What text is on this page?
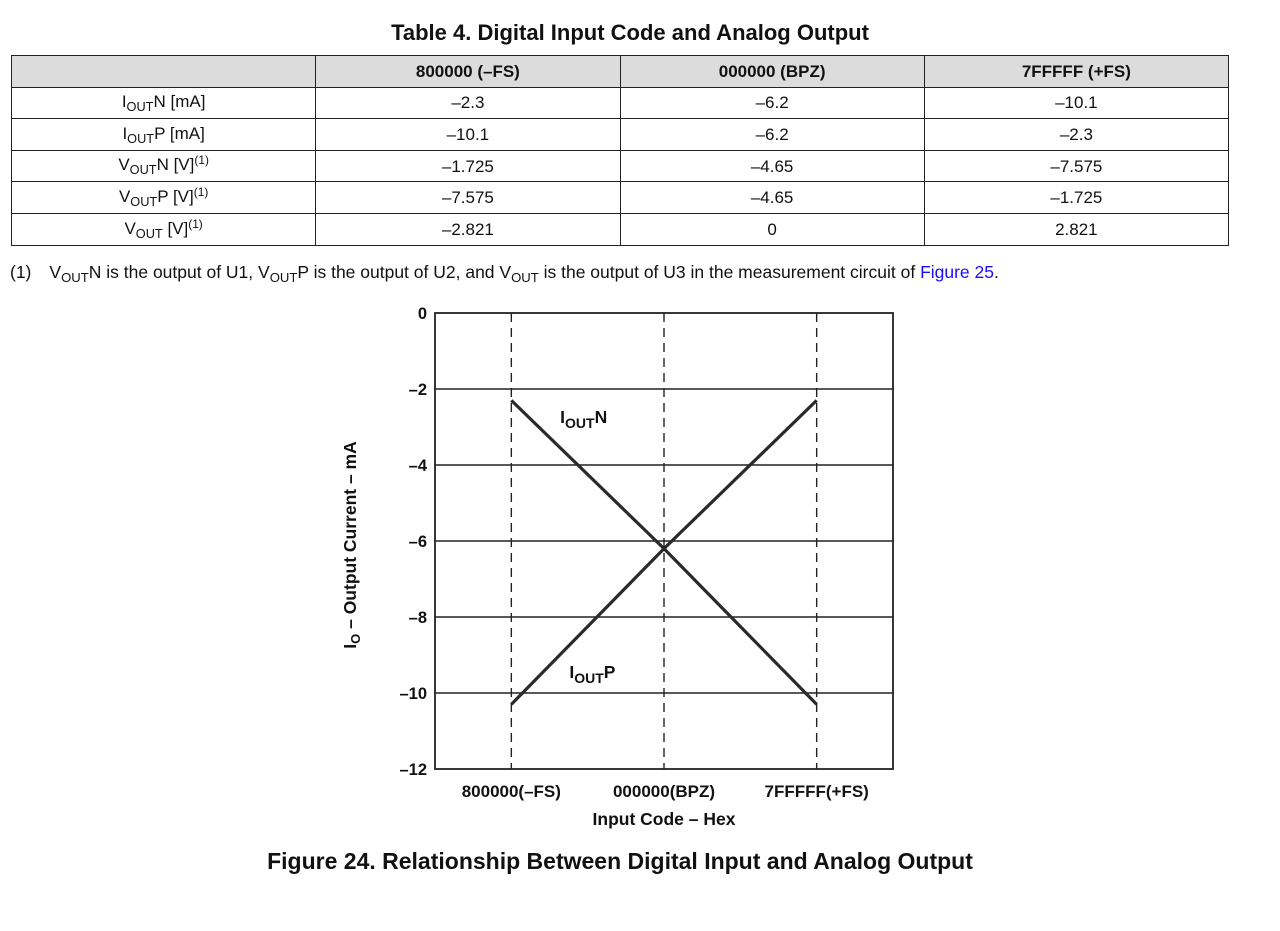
Table 4. Digital Input Code and Analog Output
	800000 (–FS)	000000 (BPZ)	7FFFFF (+FS)
$I_{OUT}N$ [mA]	–2.3	–6.2	–10.1
$I_{OUT}P$ [mA]	–10.1	–6.2	–2.3
$V_{OUT}N$ $[V]^{(1)}$	–1.725	–4.65	–7.575
$V_{OUT}P$ $[V]^{(1)}$	–7.575	–4.65	–1.725
$V_{OUT}$ $[V]^{(1)}$	–2.821	0	2.821
(1) $V_{OUT}N$ is the output of U1, $V_{OUT}P$ is the output of U2, and $V_{OUT}$ is the output of U3 in the measurement circuit of Figure 25.
0
–2
–4
–6
–8
–10
–12
800000(–FS)	000000(BPZ)	7FFFFF(+FS)
$I_{OUT}N$
$I_{OUT}P$
Input Code – Hex
$I_O$ – Output Current – mA
Figure 24. Relationship Between Digital Input and Analog Output
